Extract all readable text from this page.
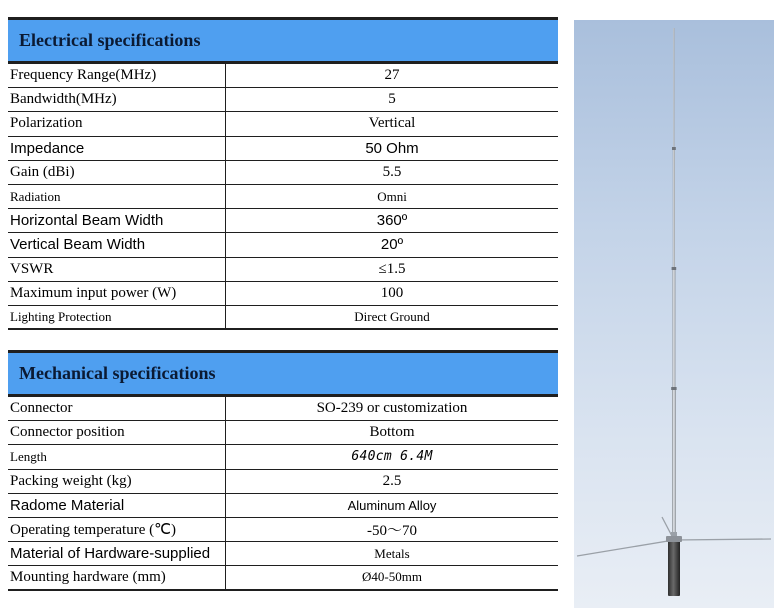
Electrical specifications
Frequency Range(MHz)	27
Bandwidth(MHz)	5
Polarization	Vertical
Impedance	50 Ohm
Gain (dBi)	5.5
Radiation	Omni
Horizontal Beam Width	360º
Vertical Beam Width	20º
VSWR	≤1.5
Maximum input power (W)	100
Lighting Protection	Direct Ground
Mechanical specifications
Connector	SO-239 or customization
Connector position	Bottom
Length	640cm 6.4M
Packing weight (kg)	2.5
Radome Material	Aluminum Alloy
Operating temperature (℃)	-50～70
Material of Hardware-supplied	Metals
Mounting hardware (mm)	Ø40-50mm
